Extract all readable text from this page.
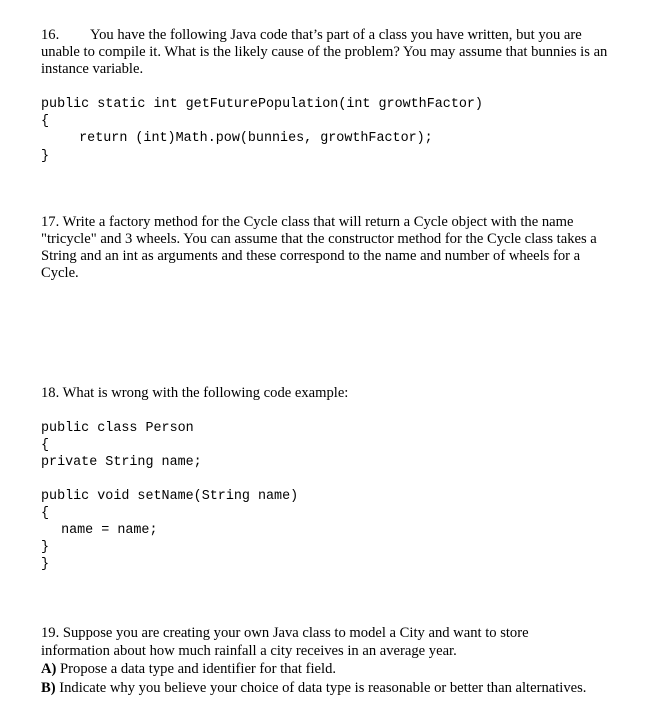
16. You have the following Java code that’s part of a class you have written, but you are

unable to compile it. What is the likely cause of the problem? You may assume that bunnies is an

instance variable.

public static int getFuturePopulation(int growthFactor)
{
return (int)Math.pow(bunnies, growthFactor);
}

17. Write a factory method for the Cycle class that will return a Cycle object with the name

"tricycle" and 3 wheels. You can assume that the constructor method for the Cycle class takes a

String and an int as arguments and these correspond to the name and number of wheels for a

Cycle.

18. What is wrong with the following code example:

public class Person
{
private String name;
public void setName(String name)
{
name = name;
}
}

19. Suppose you are creating your own Java class to model a City and want to store

information about how much rainfall a city receives in an average year.

A) Propose a data type and identifier for that field.

B) Indicate why you believe your choice of data type is reasonable or better than alternatives.
